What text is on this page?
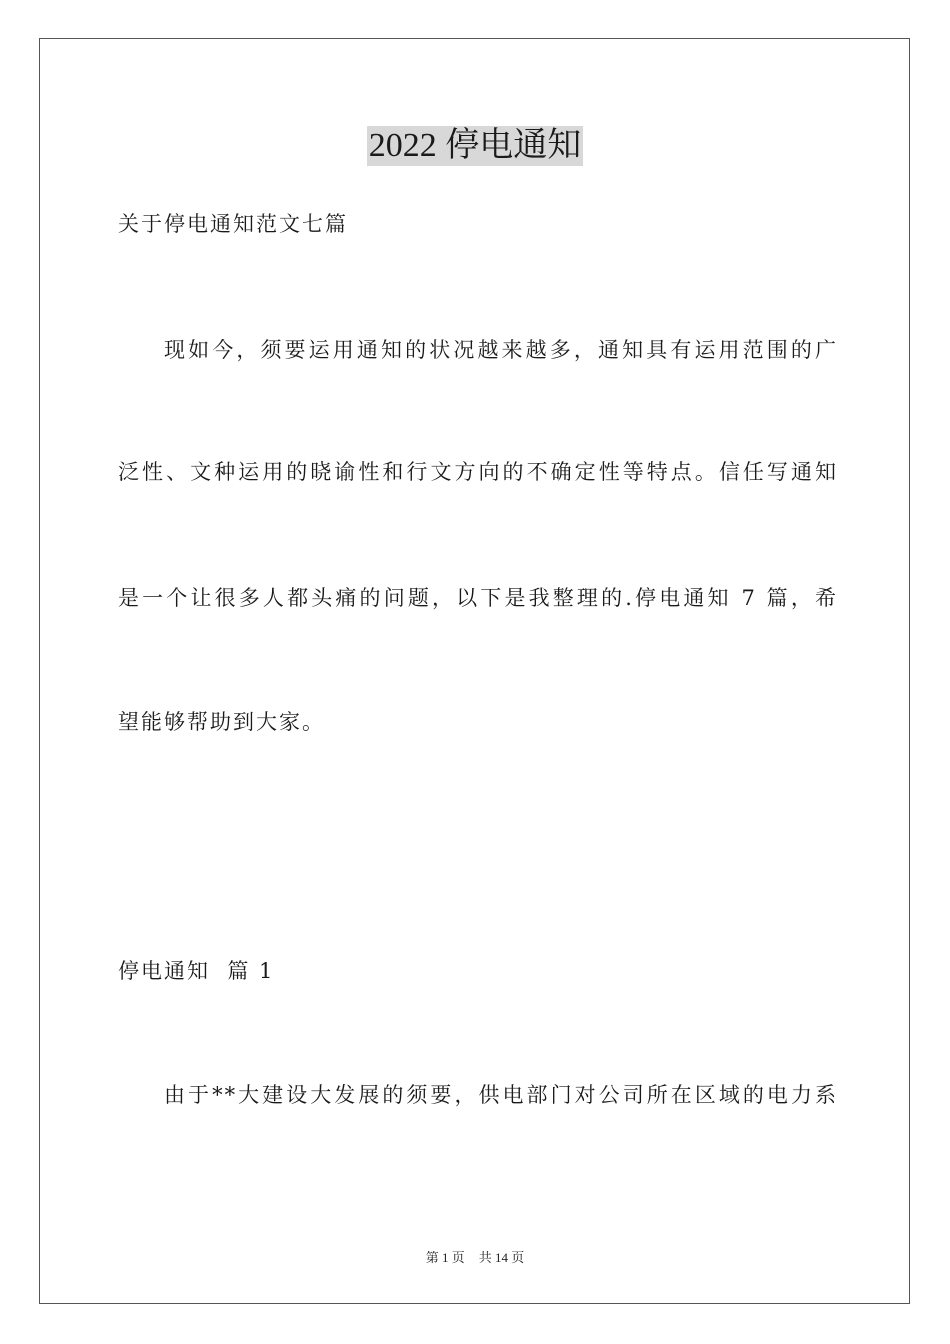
2022 停电通知

关于停电通知范文七篇

现如今，须要运用通知的状况越来越多，通知具有运用范围的广

泛性、文种运用的晓谕性和行文方向的不确定性等特点。信任写通知

是一个让很多人都头痛的问题，以下是我整理的.停电通知 7 篇，希

望能够帮助到大家。

停电通知  篇 1

由于**大建设大发展的须要，供电部门对公司所在区域的电力系

第 1 页 共 14 页
